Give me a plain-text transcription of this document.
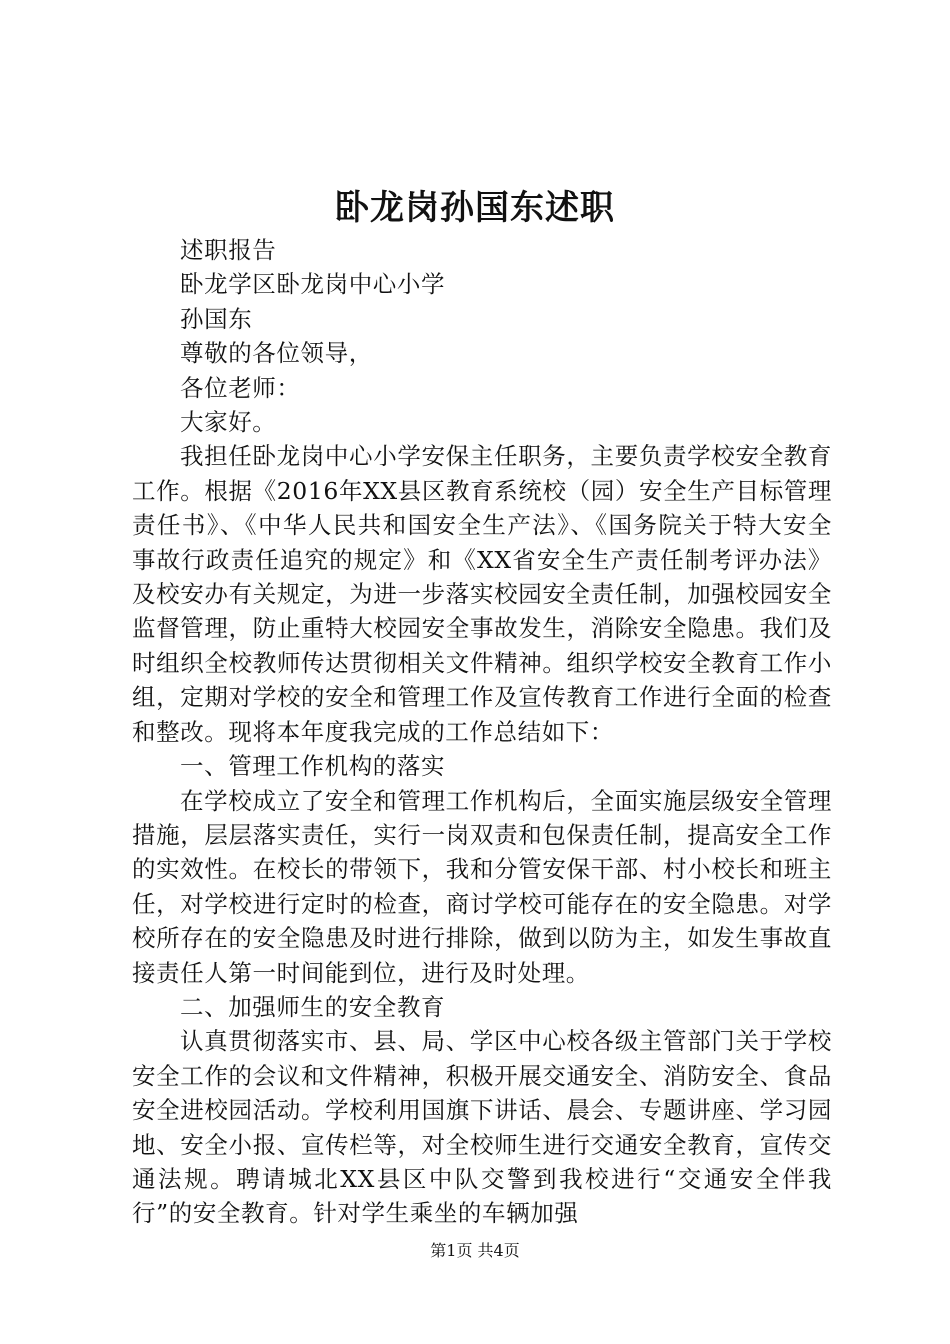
卧龙岗孙国东述职

述职报告

卧龙学区卧龙岗中心小学

孙国东

尊敬的各位领导，

各位老师：

大家好。

我担任卧龙岗中心小学安保主任职务，主要负责学校安全教育工作。根据《2016年XX县区教育系统校（园）安全生产目标管理责任书》、《中华人民共和国安全生产法》、《国务院关于特大安全事故行政责任追究的规定》和《XX省安全生产责任制考评办法》及校安办有关规定，为进一步落实校园安全责任制，加强校园安全监督管理，防止重特大校园安全事故发生，消除安全隐患。我们及时组织全校教师传达贯彻相关文件精神。组织学校安全教育工作小组，定期对学校的安全和管理工作及宣传教育工作进行全面的检查和整改。现将本年度我完成的工作总结如下：

一、管理工作机构的落实

在学校成立了安全和管理工作机构后，全面实施层级安全管理措施，层层落实责任，实行一岗双责和包保责任制，提高安全工作的实效性。在校长的带领下，我和分管安保干部、村小校长和班主任，对学校进行定时的检查，商讨学校可能存在的安全隐患。对学校所存在的安全隐患及时进行排除，做到以防为主，如发生事故直接责任人第一时间能到位，进行及时处理。

二、加强师生的安全教育

认真贯彻落实市、县、局、学区中心校各级主管部门关于学校安全工作的会议和文件精神，积极开展交通安全、消防安全、食品安全进校园活动。学校利用国旗下讲话、晨会、专题讲座、学习园地、安全小报、宣传栏等，对全校师生进行交通安全教育，宣传交通法规。聘请城北XX县区中队交警到我校进行“交通安全伴我行”的安全教育。针对学生乘坐的车辆加强

第1页 共4页
